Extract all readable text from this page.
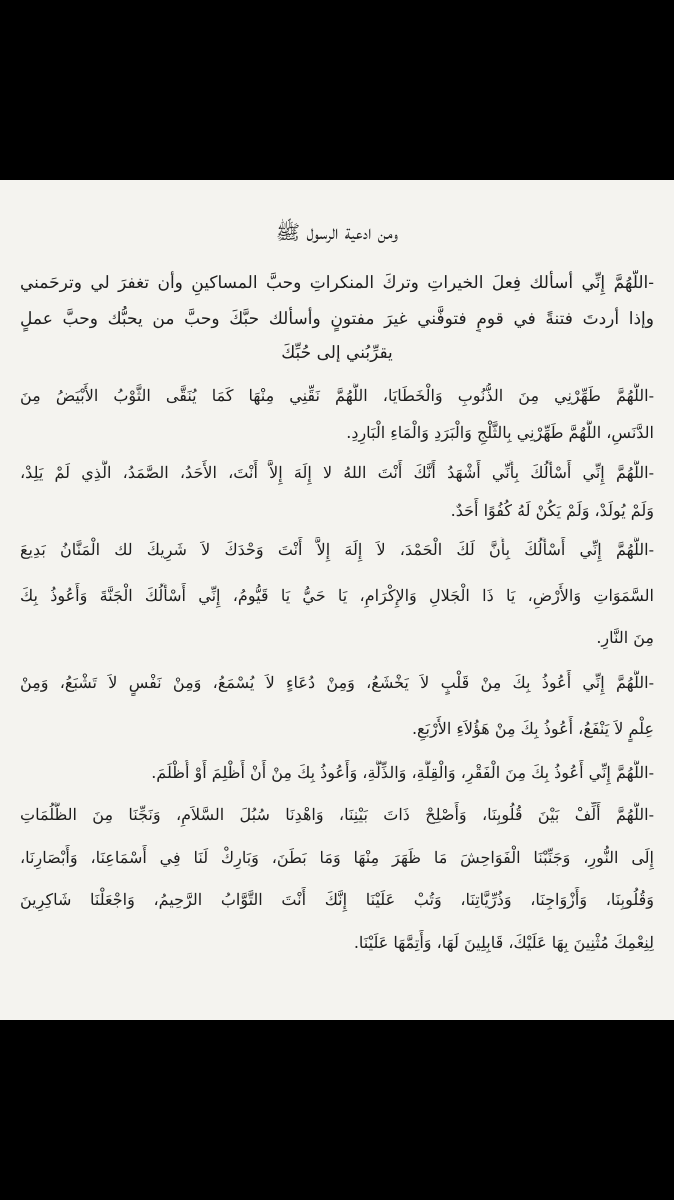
ومن ادعية الرسول ﷺ
-اللَّهُمَّ إِنِّي أسألك فِعلَ الخيراتِ وتركَ المنكراتِ وحبَّ المساكينِ وأن تغفرَ لي وترحَمني
وإذا أردتَ فتنةً في قومٍ فتوفَّني غيرَ مفتونٍ وأسألك حبَّكَ وحبَّ من يحبُّك وحبَّ عملٍ
يقرِّبُني إلى حُبِّكَ
-اللَّهُمَّ طَهِّرْنِي مِنَ الذُّنُوبِ وَالْخَطَايَا، اللَّهُمَّ نَقِّنِي مِنْهَا كَمَا يُنَقَّى الثَّوْبُ الأَبْيَضُ مِنَ
الدَّنَسِ، اللَّهُمَّ طَهِّرْنِي بِالثَّلْجِ وَالْبَرَدِ وَالْمَاءِ الْبَارِدِ.
-اللَّهُمَّ إِنِّي أَسْأَلُكَ بِأَنِّي أَشْهَدُ أَنَّكَ أَنْتَ اللهُ لا إِلَهَ إِلاَّ أَنْتَ، الأَحَدُ، الصَّمَدُ، الَّذِي لَمْ يَلِدْ،
وَلَمْ يُولَدْ، وَلَمْ يَكُنْ لَهُ كُفُوًا أَحَدٌ.
-اللَّهُمَّ إِنِّي أَسْأَلُكَ بِأَنَّ لَكَ الْحَمْدَ، لاَ إِلَهَ إِلاَّ أَنْتَ وَحْدَكَ لاَ شَرِيكَ لك الْمَنَّانُ بَدِيعَ
السَّمَوَاتِ وَالأَرْضِ، يَا ذَا الْجَلالِ وَالإِكْرَامِ، يَا حَيُّ يَا قَيُّومُ، إِنِّي أَسْأَلُكَ الْجَنَّةَ وَأَعُوذُ بِكَ
مِنَ النَّارِ.
-اللَّهُمَّ إِنِّي أَعُوذُ بِكَ مِنْ قَلْبٍ لاَ يَخْشَعُ، وَمِنْ دُعَاءٍ لاَ يُسْمَعُ، وَمِنْ نَفْسٍ لاَ تَشْبَعُ، وَمِنْ
عِلْمٍ لاَ يَنْفَعُ، أَعُوذُ بِكَ مِنْ هَؤُلاَءِ الأَرْبَعِ.
-اللَّهُمَّ إِنِّي أَعُوذُ بِكَ مِنَ الْفَقْرِ، وَالْقِلَّةِ، وَالذِّلَّةِ، وَأَعُوذُ بِكَ مِنْ أَنْ أَظْلِمَ أَوْ أُظْلَمَ.
-اللَّهُمَّ أَلِّفْ بَيْنَ قُلُوبِنَا، وَأَصْلِحْ ذَاتَ بَيْنِنَا، وَاهْدِنَا سُبُلَ السَّلاَمِ، وَنَجِّنَا مِنَ الظُّلُمَاتِ
إِلَى النُّورِ، وَجَنِّبْنَا الْفَوَاحِشَ مَا ظَهَرَ مِنْهَا وَمَا بَطَنَ، وَبَارِكْ لَنَا فِي أَسْمَاعِنَا، وَأَبْصَارِنَا،
وَقُلُوبِنَا، وَأَزْوَاجِنَا، وَذُرِّيَّاتِنَا، وَتُبْ عَلَيْنَا إِنَّكَ أَنْتَ التَّوَّابُ الرَّحِيمُ، وَاجْعَلْنَا شَاكِرِينَ
لِنِعْمِكَ مُثْنِينَ بِهَا عَلَيْكَ، قَابِلِينَ لَهَا، وَأَتِمَّهَا عَلَيْنَا.
